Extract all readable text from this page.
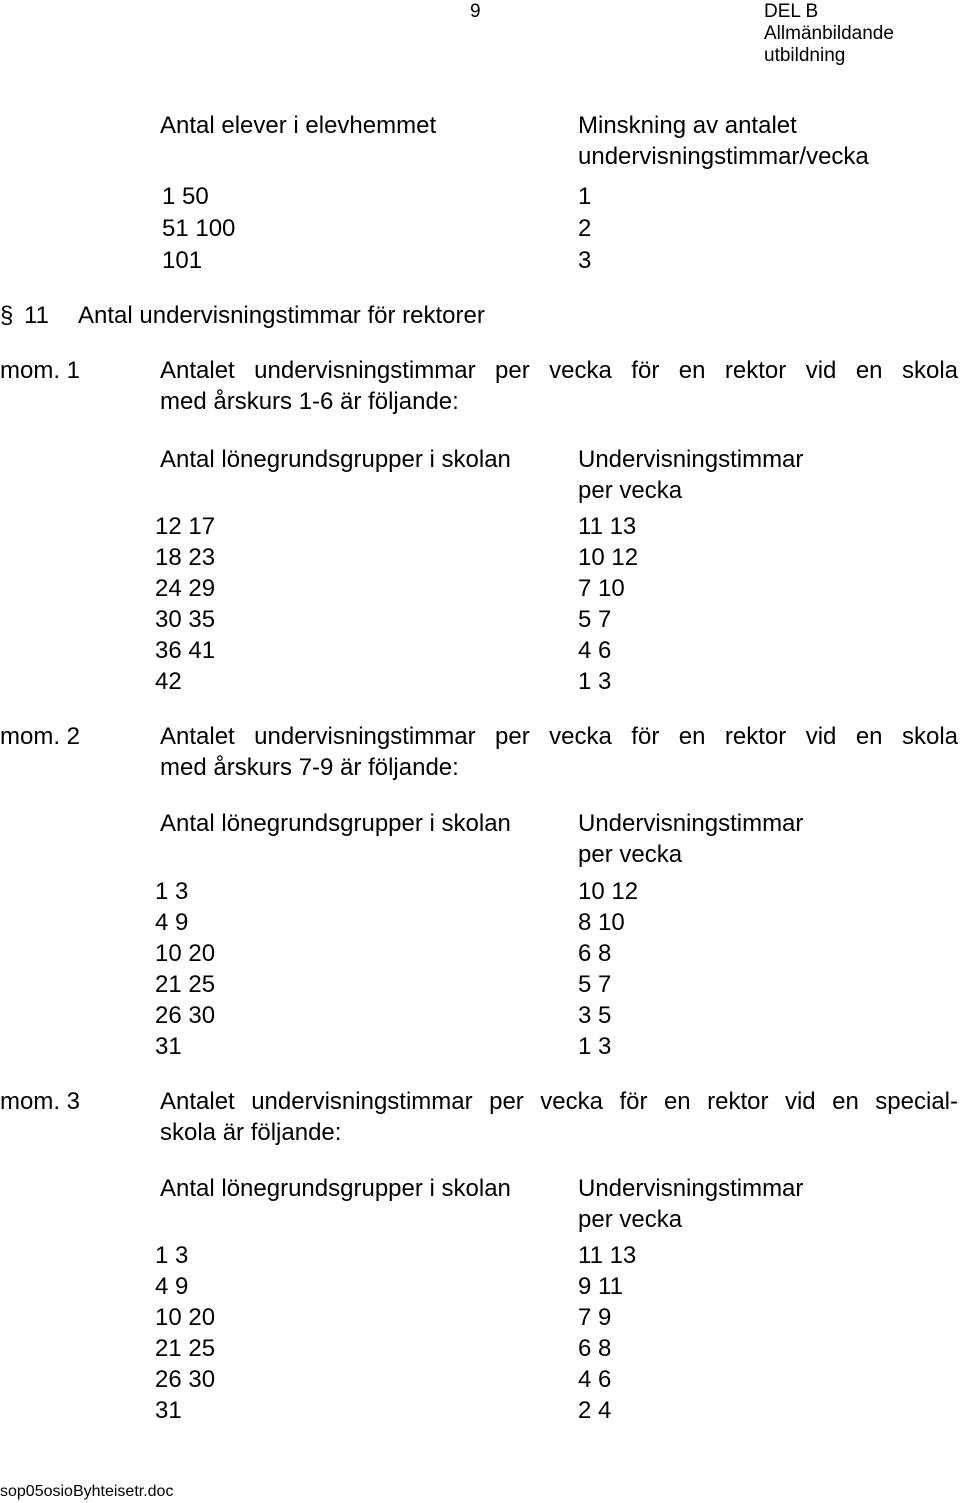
9	DEL B
Allmänbildande
utbildning
Antal elever i elevhemmet	Minskning av antalet
undervisningstimmar/vecka
1 50	1
51 100	2
101	3
§ 11 Antal undervisningstimmar för rektorer
mom. 1	Antalet undervisningstimmar per vecka för en rektor vid en skola
med årskurs 1-6 är följande:
Antal lönegrundsgrupper i skolan	Undervisningstimmar
per vecka
12 17	11 13
18 23	10 12
24 29	7 10
30 35	5 7
36 41	4 6
42	1 3
mom. 2	Antalet undervisningstimmar per vecka för en rektor vid en skola
med årskurs 7-9 är följande:
Antal lönegrundsgrupper i skolan	Undervisningstimmar
per vecka
1 3	10 12
4 9	8 10
10 20	6 8
21 25	5 7
26 30	3 5
31	1 3
mom. 3	Antalet undervisningstimmar per vecka för en rektor vid en special-
skola är följande:
Antal lönegrundsgrupper i skolan	Undervisningstimmar
per vecka
1 3	11 13
4 9	9 11
10 20	7 9
21 25	6 8
26 30	4 6
31	2 4
sop05osioByhteisetr.doc
